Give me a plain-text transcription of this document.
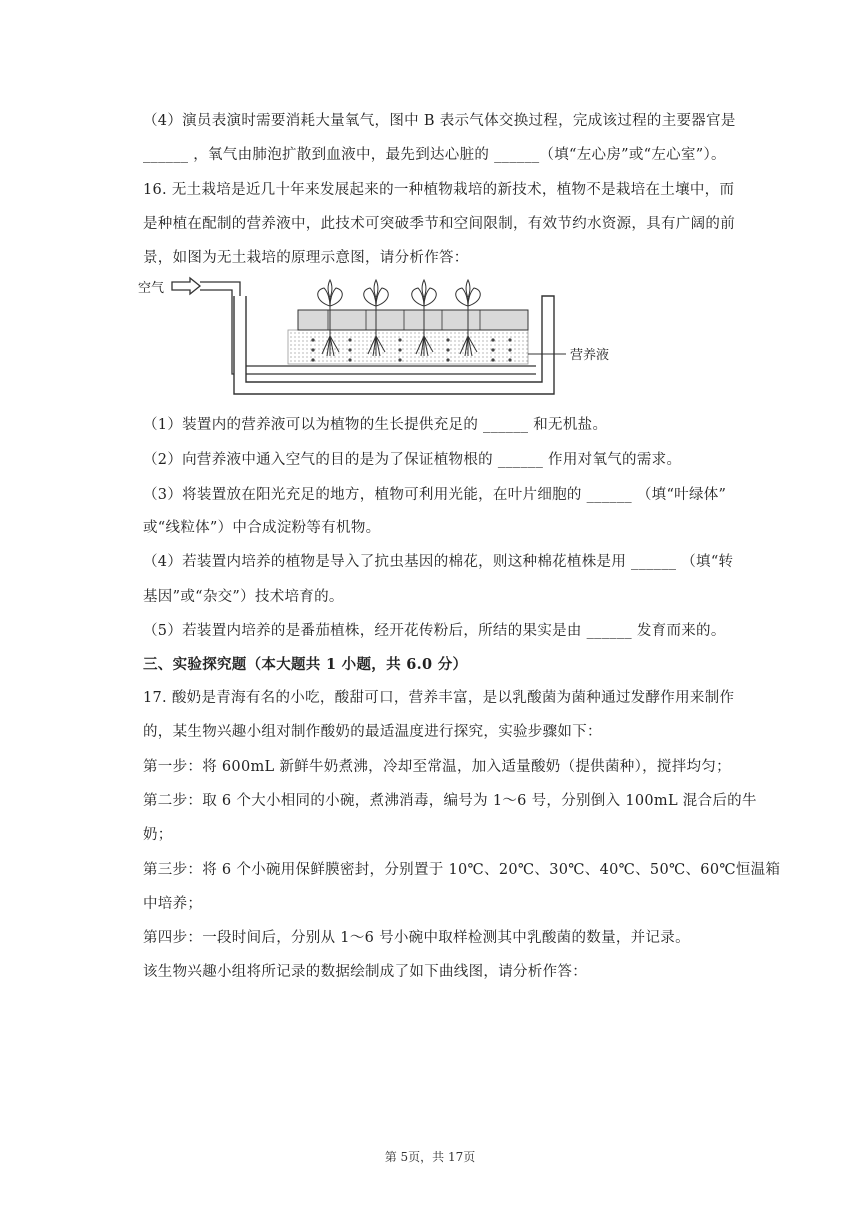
（4）演员表演时需要消耗大量氧气，图中 B 表示气体交换过程，完成该过程的主要器官是
______ ，氧气由肺泡扩散到血液中，最先到达心脏的 ______（填“左心房”或“左心室”）。
16. 无土栽培是近几十年来发展起来的一种植物栽培的新技术，植物不是栽培在土壤中，而
是种植在配制的营养液中，此技术可突破季节和空间限制，有效节约水资源，具有广阔的前
景，如图为无土栽培的原理示意图，请分析作答：
空气
营养液
（1）装置内的营养液可以为植物的生长提供充足的 ______ 和无机盐。
（2）向营养液中通入空气的目的是为了保证植物根的 ______ 作用对氧气的需求。
（3）将装置放在阳光充足的地方，植物可利用光能，在叶片细胞的 ______ （填“叶绿体”
或“线粒体”）中合成淀粉等有机物。
（4）若装置内培养的植物是导入了抗虫基因的棉花，则这种棉花植株是用 ______ （填“转
基因”或“杂交”）技术培育的。
（5）若装置内培养的是番茄植株，经开花传粉后，所结的果实是由 ______ 发育而来的。
三、实验探究题（本大题共 1 小题，共 6.0 分）
17. 酸奶是青海有名的小吃，酸甜可口，营养丰富，是以乳酸菌为菌种通过发酵作用来制作
的，某生物兴趣小组对制作酸奶的最适温度进行探究，实验步骤如下：
第一步：将 600mL 新鲜牛奶煮沸，冷却至常温，加入适量酸奶（提供菌种），搅拌均匀；
第二步：取 6 个大小相同的小碗，煮沸消毒，编号为 1～6 号，分别倒入 100mL 混合后的牛
奶；
第三步：将 6 个小碗用保鲜膜密封，分别置于 10℃、20℃、30℃、40℃、50℃、60℃恒温箱
中培养；
第四步：一段时间后，分别从 1～6 号小碗中取样检测其中乳酸菌的数量，并记录。
该生物兴趣小组将所记录的数据绘制成了如下曲线图，请分析作答：
第 5页，共 17页
